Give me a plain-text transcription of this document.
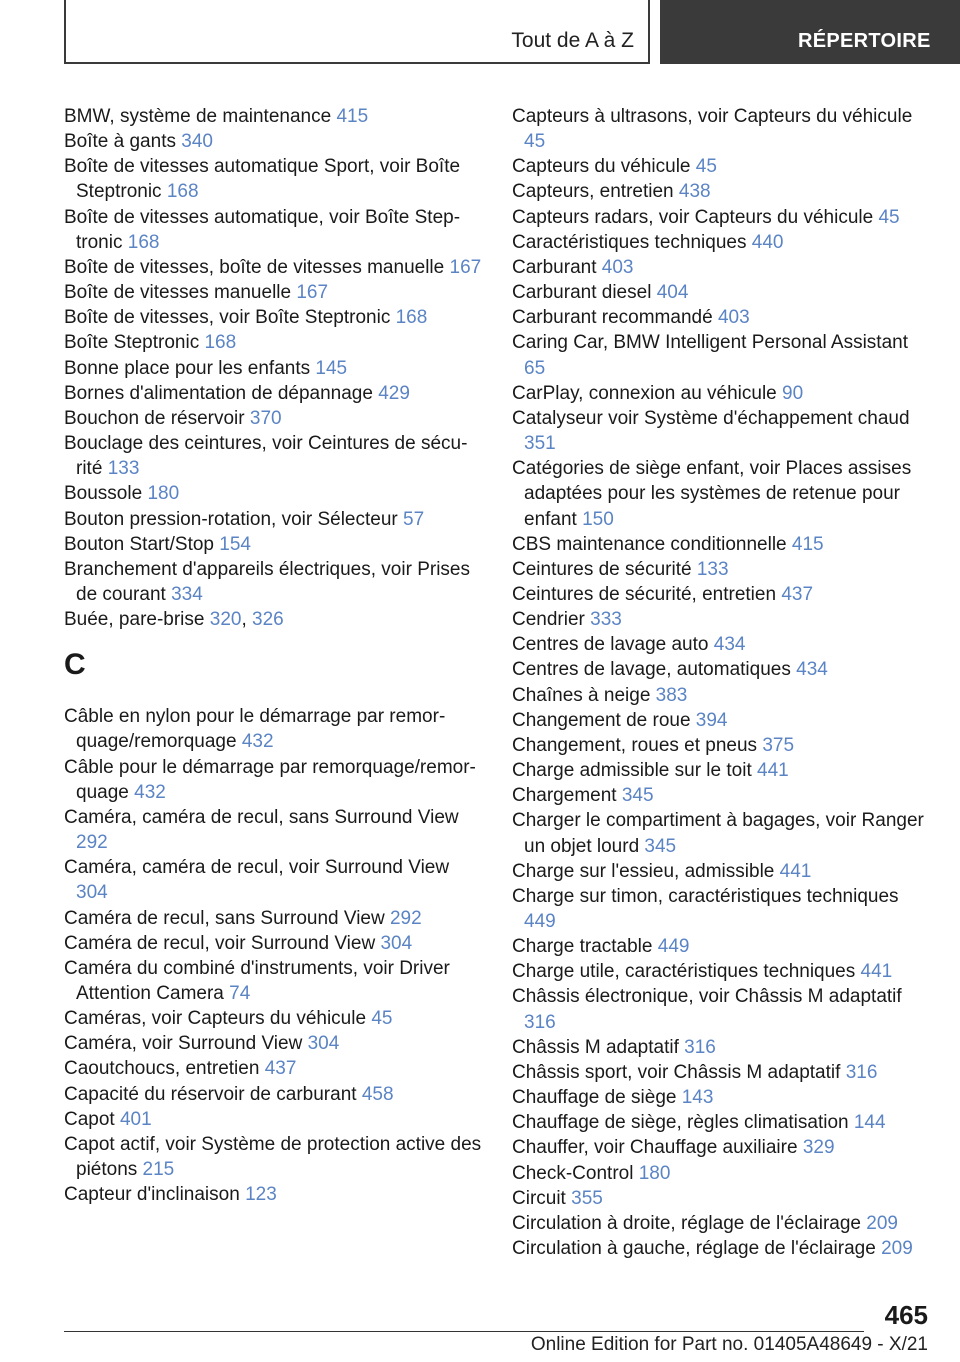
Tout de A à Z	RÉPERTOIRE

BMW, système de maintenance 415

Boîte à gants 340

Boîte de vitesses automatique Sport, voir Boîte Steptronic 168

Boîte de vitesses automatique, voir Boîte Steptronic 168

Boîte de vitesses, boîte de vitesses manuelle 167

Boîte de vitesses manuelle 167

Boîte de vitesses, voir Boîte Steptronic 168

Boîte Steptronic 168

Bonne place pour les enfants 145

Bornes d'alimentation de dépannage 429

Bouchon de réservoir 370

Bouclage des ceintures, voir Ceintures de sécurité 133

Boussole 180

Bouton pression-rotation, voir Sélecteur 57

Bouton Start/Stop 154

Branchement d'appareils électriques, voir Prises de courant 334

Buée, pare-brise 320, 326

C

Câble en nylon pour le démarrage par remorquage/remorquage 432

Câble pour le démarrage par remorquage/remorquage 432

Caméra, caméra de recul, sans Surround View 292

Caméra, caméra de recul, voir Surround View 304

Caméra de recul, sans Surround View 292

Caméra de recul, voir Surround View 304

Caméra du combiné d'instruments, voir Driver Attention Camera 74

Caméras, voir Capteurs du véhicule 45

Caméra, voir Surround View 304

Caoutchoucs, entretien 437

Capacité du réservoir de carburant 458

Capot 401

Capot actif, voir Système de protection active des piétons 215

Capteur d'inclinaison 123

Capteurs à ultrasons, voir Capteurs du véhicule 45

Capteurs du véhicule 45

Capteurs, entretien 438

Capteurs radars, voir Capteurs du véhicule 45

Caractéristiques techniques 440

Carburant 403

Carburant diesel 404

Carburant recommandé 403

Caring Car, BMW Intelligent Personal Assistant 65

CarPlay, connexion au véhicule 90

Catalyseur voir Système d'échappement chaud 351

Catégories de siège enfant, voir Places assises adaptées pour les systèmes de retenue pour enfant 150

CBS maintenance conditionnelle 415

Ceintures de sécurité 133

Ceintures de sécurité, entretien 437

Cendrier 333

Centres de lavage auto 434

Centres de lavage, automatiques 434

Chaînes à neige 383

Changement de roue 394

Changement, roues et pneus 375

Charge admissible sur le toit 441

Chargement 345

Charger le compartiment à bagages, voir Ranger un objet lourd 345

Charge sur l'essieu, admissible 441

Charge sur timon, caractéristiques techniques 449

Charge tractable 449

Charge utile, caractéristiques techniques 441

Châssis électronique, voir Châssis M adaptatif 316

Châssis M adaptatif 316

Châssis sport, voir Châssis M adaptatif 316

Chauffage de siège 143

Chauffage de siège, règles climatisation 144

Chauffer, voir Chauffage auxiliaire 329

Check-Control 180

Circuit 355

Circulation à droite, réglage de l'éclairage 209

Circulation à gauche, réglage de l'éclairage 209

465
Online Edition for Part no. 01405A48649 - X/21
